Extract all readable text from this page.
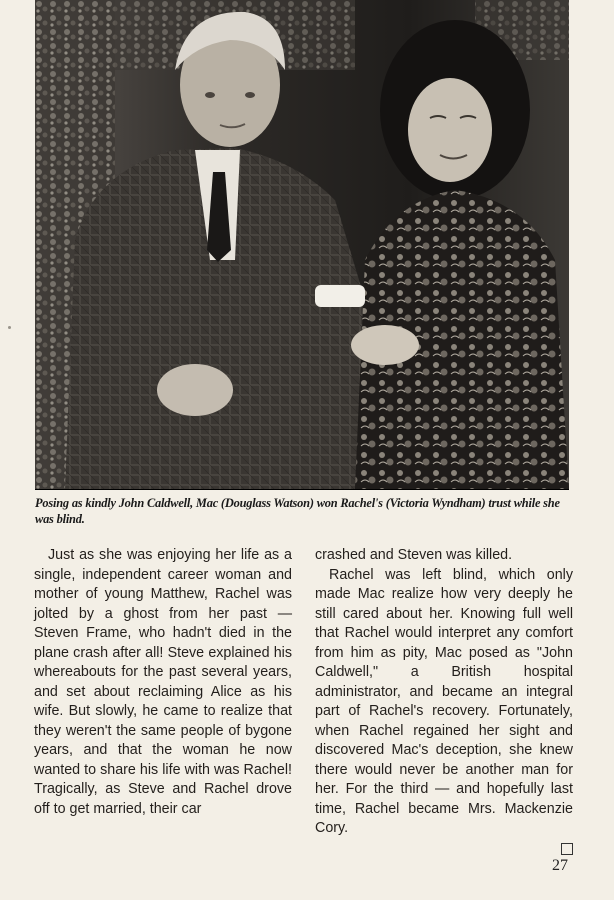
Posing as kindly John Caldwell, Mac (Douglass Watson) won Rachel's (Victoria Wyndham) trust while she was blind.

Just as she was enjoying her life as a single, independent career woman and mother of young Matthew, Rachel was jolted by a ghost from her past — Steven Frame, who hadn't died in the plane crash after all! Steve explained his whereabouts for the past several years, and set about reclaiming Alice as his wife. But slowly, he came to realize that they weren't the same people of bygone years, and that the woman he now wanted to share his life with was Rachel! Tragically, as Steve and Rachel drove off to get married, their car

crashed and Steven was killed.

Rachel was left blind, which only made Mac realize how very deeply he still cared about her. Knowing full well that Rachel would interpret any comfort from him as pity, Mac posed as "John Caldwell," a British hospital administrator, and became an integral part of Rachel's recovery. Fortunately, when Rachel regained her sight and discovered Mac's deception, she knew there would never be another man for her. For the third — and hopefully last time, Rachel became Mrs. Mackenzie Cory.

27
